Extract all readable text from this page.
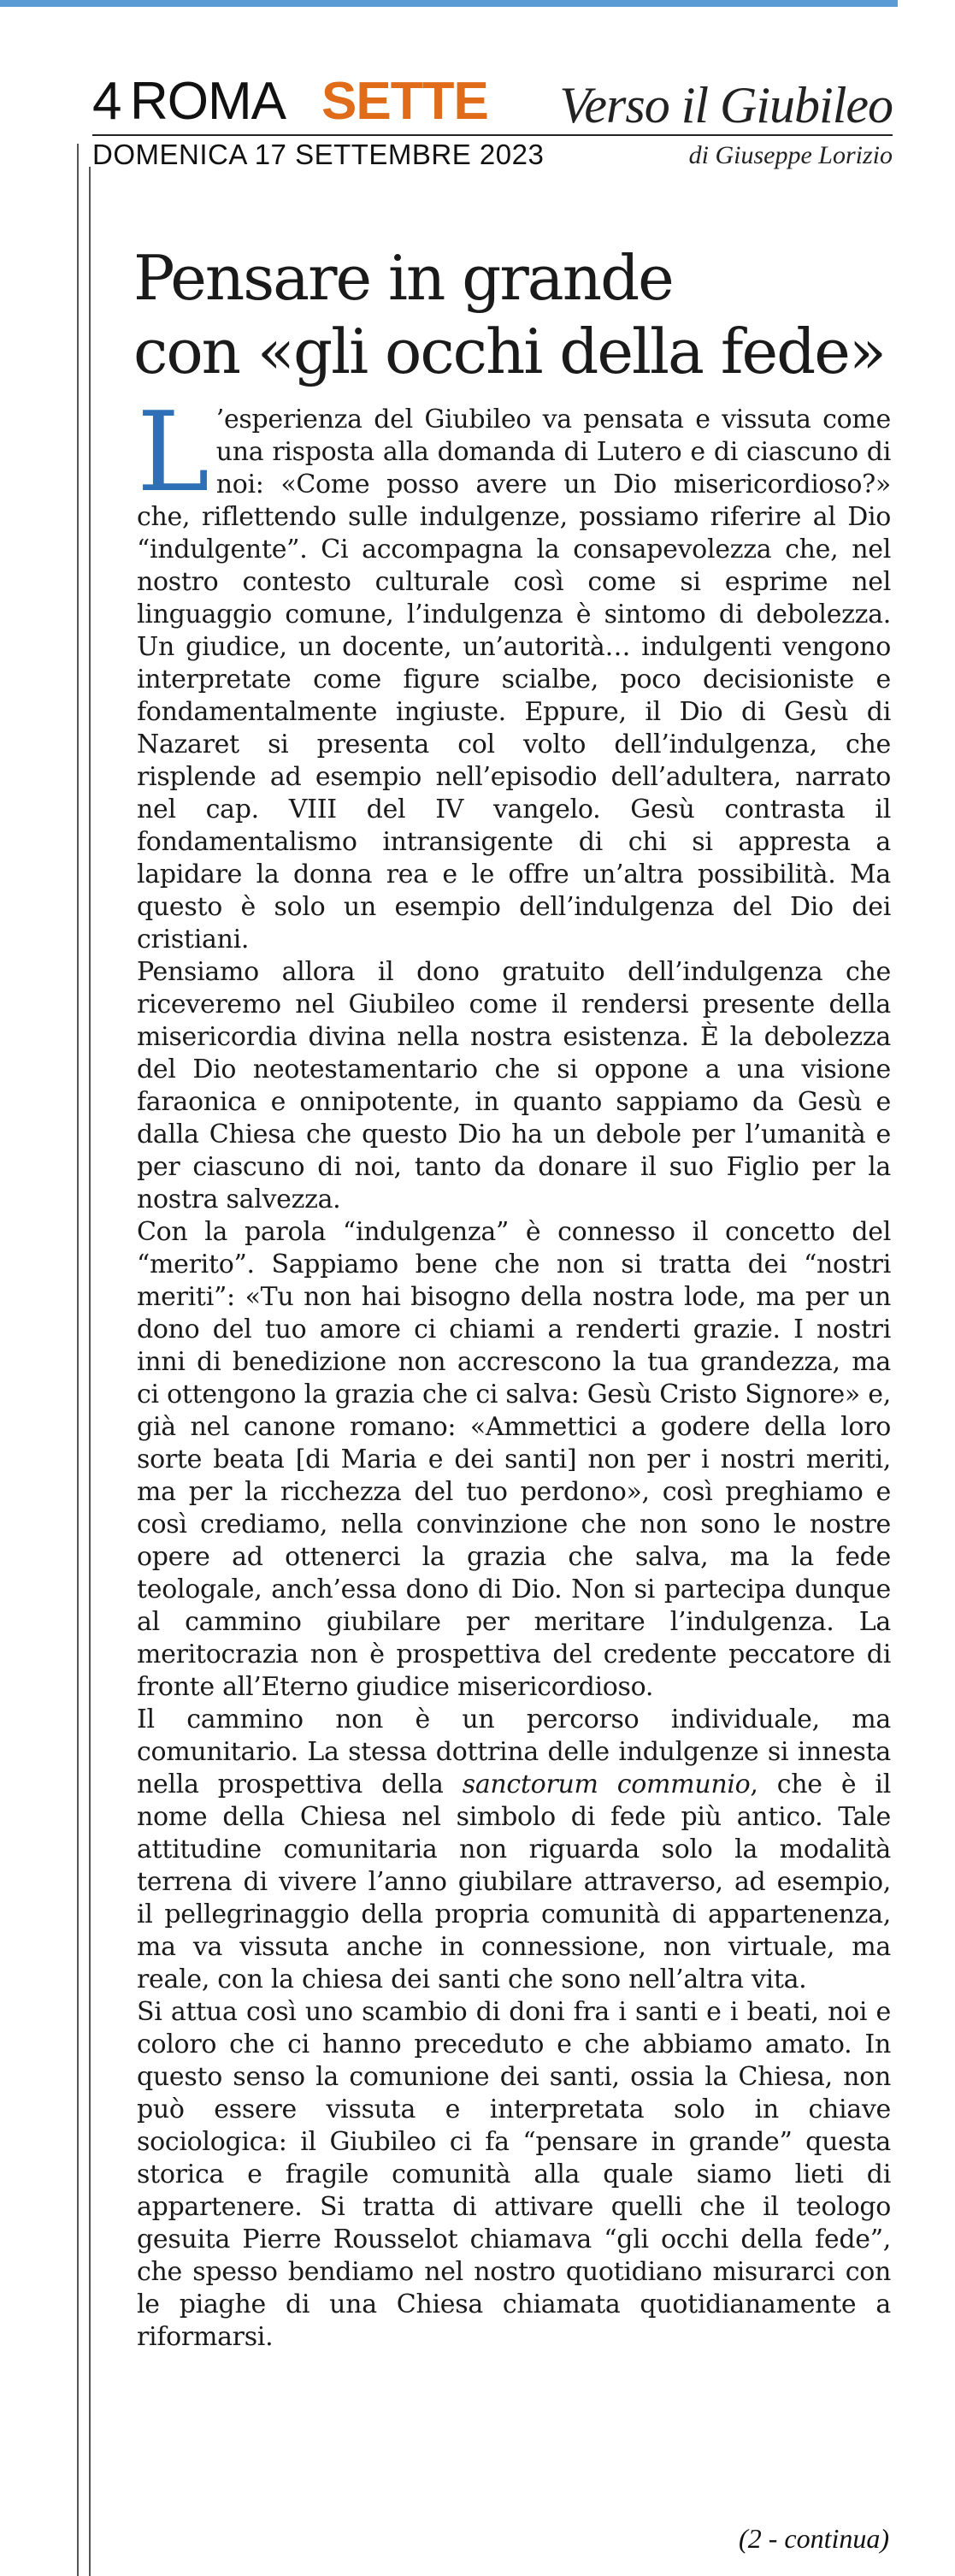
4 ROMA SETTE Verso il Giubileo
DOMENICA 17 SETTEMBRE 2023	di Giuseppe Lorizio
Pensare in grande
con «gli occhi della fede»

L ’esperienza del Giubileo va pensata e vissuta come una risposta alla domanda di Lutero e di ciascuno di noi: «Come posso avere un Dio misericordioso?» che, riflettendo sulle indulgenze, possiamo riferire al Dio “indulgente”. Ci accompagna la consapevolezza che, nel nostro contesto culturale così come si esprime nel linguaggio comune, l’indulgenza è sintomo di debolezza. Un giudice, un docente, un’autorità… indulgenti vengono interpretate come figure scialbe, poco decisioniste e fondamentalmente ingiuste. Eppure, il Dio di Gesù di Nazaret si presenta col volto dell’indulgenza, che risplende ad esempio nell’episodio dell’adultera, narrato nel cap. VIII del IV vangelo. Gesù contrasta il fondamentalismo intransigente di chi si appresta a lapidare la donna rea e le offre un’altra possibilità. Ma questo è solo un esempio dell’indulgenza del Dio dei cristiani.

Pensiamo allora il dono gratuito dell’indulgenza che riceveremo nel Giubileo come il rendersi presente della misericordia divina nella nostra esistenza. È la debolezza del Dio neotestamentario che si oppone a una visione faraonica e onnipotente, in quanto sappiamo da Gesù e dalla Chiesa che questo Dio ha un debole per l’umanità e per ciascuno di noi, tanto da donare il suo Figlio per la nostra salvezza.

Con la parola “indulgenza” è connesso il concetto del “merito”. Sappiamo bene che non si tratta dei “nostri meriti”: «Tu non hai bisogno della nostra lode, ma per un dono del tuo amore ci chiami a renderti grazie. I nostri inni di benedizione non accrescono la tua grandezza, ma ci ottengono la grazia che ci salva: Gesù Cristo Signore» e, già nel canone romano: «Ammettici a godere della loro sorte beata [di Maria e dei santi] non per i nostri meriti, ma per la ricchezza del tuo perdono», così preghiamo e così crediamo, nella convinzione che non sono le nostre opere ad ottenerci la grazia che salva, ma la fede teologale, anch’essa dono di Dio. Non si partecipa dunque al cammino giubilare per meritare l’indulgenza. La meritocrazia non è prospettiva del credente peccatore di fronte all’Eterno giudice misericordioso.

Il cammino non è un percorso individuale, ma comunitario. La stessa dottrina delle indulgenze si innesta nella prospettiva della sanctorum communio, che è il nome della Chiesa nel simbolo di fede più antico. Tale attitudine comunitaria non riguarda solo la modalità terrena di vivere l’anno giubilare attraverso, ad esempio, il pellegrinaggio della propria comunità di appartenenza, ma va vissuta anche in connessione, non virtuale, ma reale, con la chiesa dei santi che sono nell’altra vita.

Si attua così uno scambio di doni fra i santi e i beati, noi e coloro che ci hanno preceduto e che abbiamo amato. In questo senso la comunione dei santi, ossia la Chiesa, non può essere vissuta e interpretata solo in chiave sociologica: il Giubileo ci fa “pensare in grande” questa storica e fragile comunità alla quale siamo lieti di appartenere. Si tratta di attivare quelli che il teologo gesuita Pierre Rousselot chiamava “gli occhi della fede”, che spesso bendiamo nel nostro quotidiano misurarci con le piaghe di una Chiesa chiamata quotidianamente a riformarsi.

(2 - continua)
